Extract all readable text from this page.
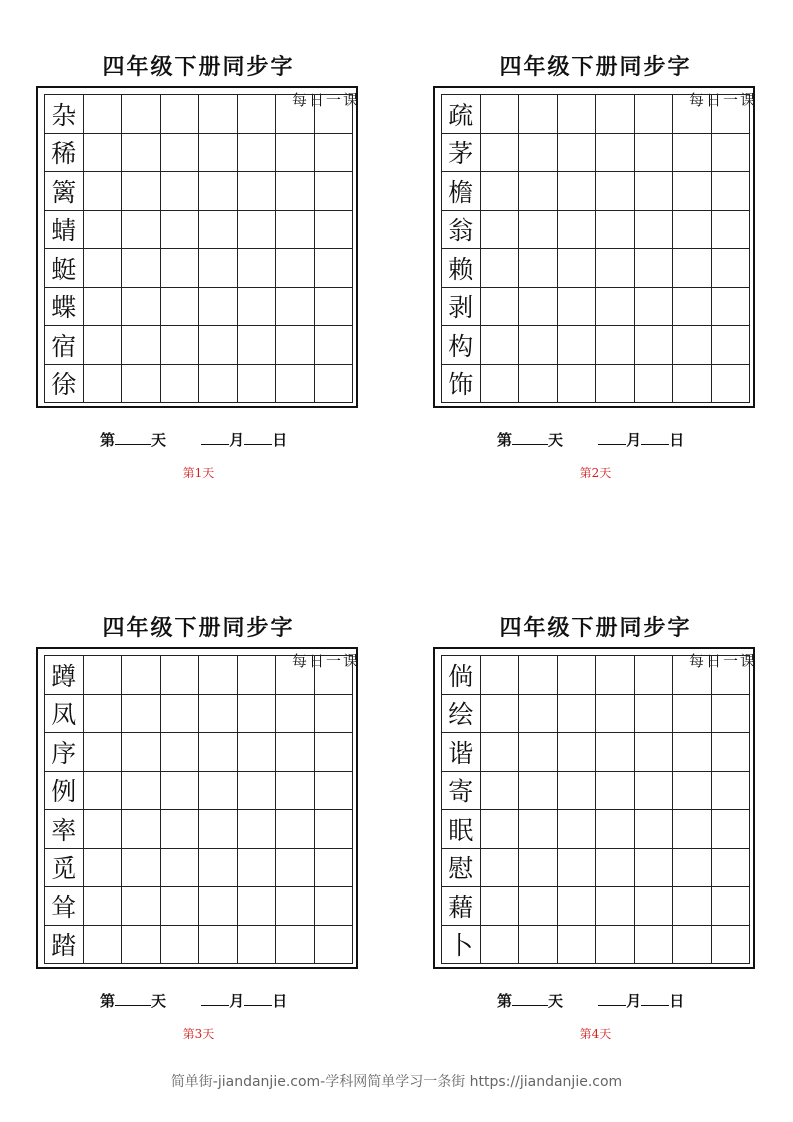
简单街-jiandanjie.com-学科网简单学习一条街 https://jiandanjie.com
四年级下册同步字
每日一课
杂
稀
篱
蜻
蜓
蝶
宿
徐
第 天	月 日
第1天
四年级下册同步字
每日一课
疏
茅
檐
翁
赖
剥
构
饰
第 天	月 日
第2天
四年级下册同步字
每日一课
蹲
凤
序
例
率
觅
耸
踏
第 天	月 日
第3天
四年级下册同步字
每日一课
倘
绘
谐
寄
眠
慰
藉
卜
第 天	月 日
第4天
